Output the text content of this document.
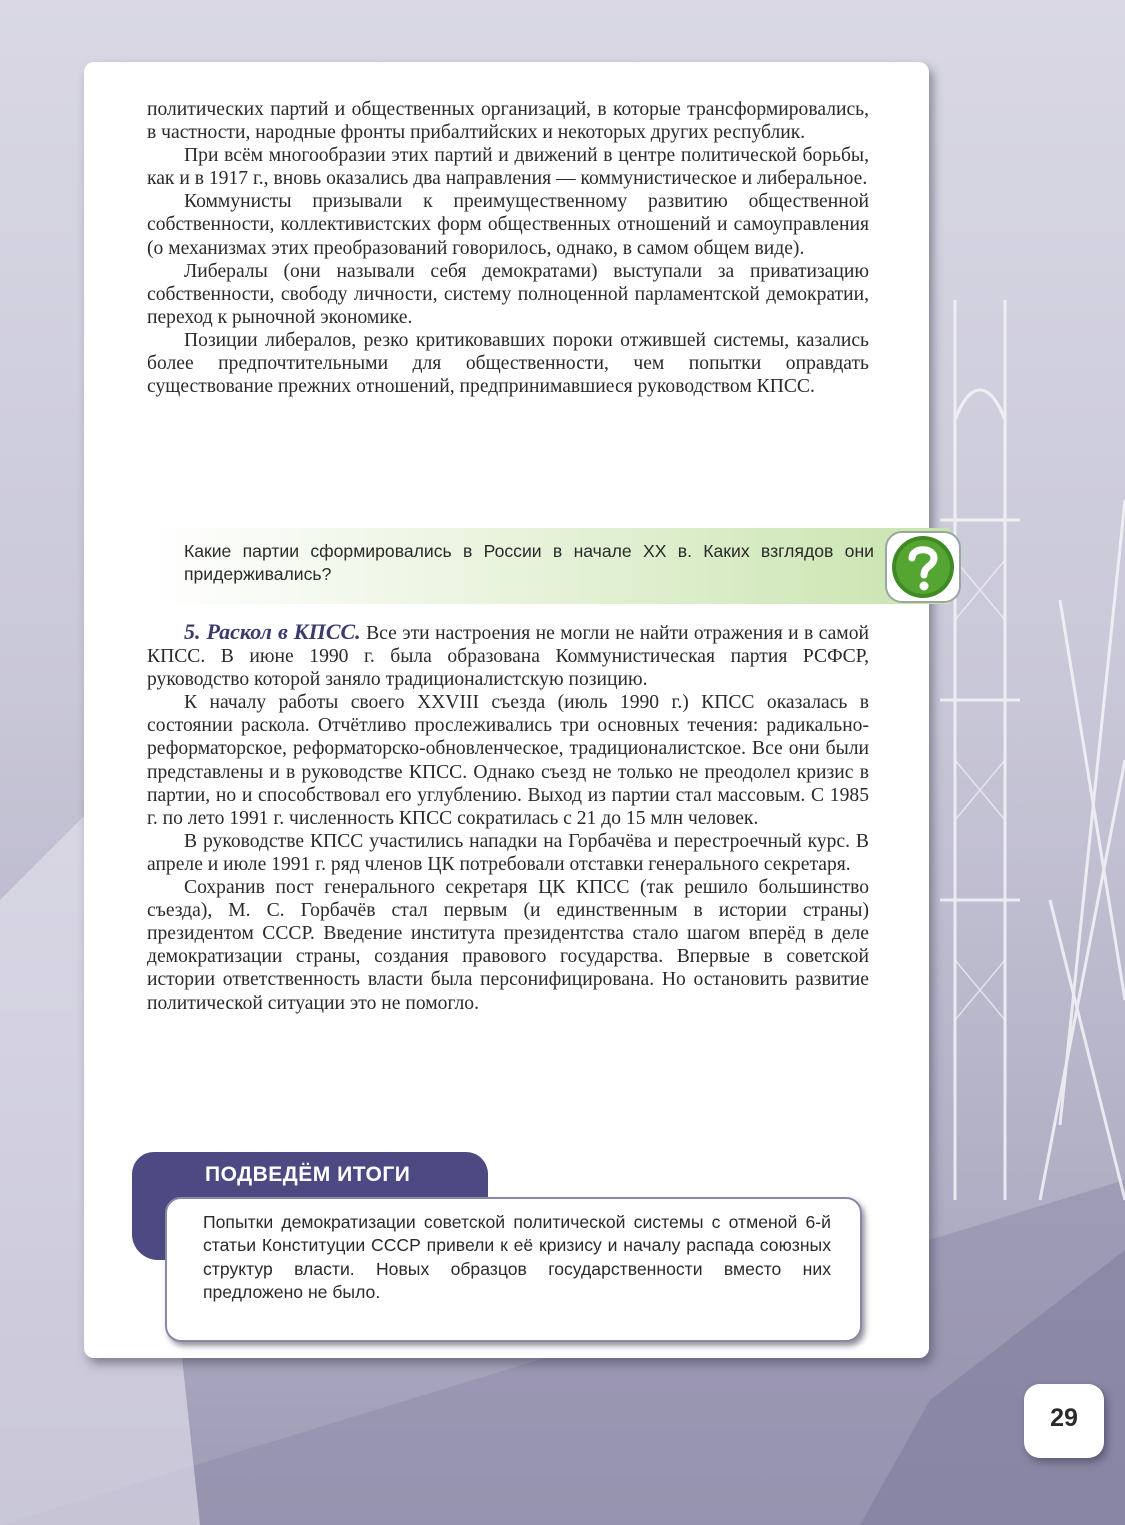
политических партий и общественных организаций, в которые трансформировались, в частности, народные фронты прибалтийских и некоторых других республик.

При всём многообразии этих партий и движений в центре политической борьбы, как и в 1917 г., вновь оказались два направления — коммунистическое и либеральное.

Коммунисты призывали к преимущественному развитию общественной собственности, коллективистских форм общественных отношений и самоуправления (о механизмах этих преобразований говорилось, однако, в самом общем виде).

Либералы (они называли себя демократами) выступали за приватизацию собственности, свободу личности, систему полноценной парламентской демократии, переход к рыночной экономике.

Позиции либералов, резко критиковавших пороки отжившей системы, казались более предпочтительными для общественности, чем попытки оправдать существование прежних отношений, предпринимавшиеся руководством КПСС.

Какие партии сформировались в России в начале XX в. Каких взглядов они придерживались?

5. Раскол в КПСС. Все эти настроения не могли не найти отражения и в самой КПСС. В июне 1990 г. была образована Коммунистическая партия РСФСР, руководство которой заняло традиционалистскую позицию.

К началу работы своего XXVIII съезда (июль 1990 г.) КПСС оказалась в состоянии раскола. Отчётливо прослеживались три основных течения: радикально-реформаторское, реформаторско-обновленческое, традиционалистское. Все они были представлены и в руководстве КПСС. Однако съезд не только не преодолел кризис в партии, но и способствовал его углублению. Выход из партии стал массовым. С 1985 г. по лето 1991 г. численность КПСС сократилась с 21 до 15 млн человек.

В руководстве КПСС участились нападки на Горбачёва и перестроечный курс. В апреле и июле 1991 г. ряд членов ЦК потребовали отставки генерального секретаря.

Сохранив пост генерального секретаря ЦК КПСС (так решило большинство съезда), М. С. Горбачёв стал первым (и единственным в истории страны) президентом СССР. Введение института президентства стало шагом вперёд в деле демократизации страны, создания правового государства. Впервые в советской истории ответственность власти была персонифицирована. Но остановить развитие политической ситуации это не помогло.

ПОДВЕДЁМ ИТОГИ
Попытки демократизации советской политической системы с отменой 6-й статьи Конституции СССР привели к её кризису и началу распада союзных структур власти. Новых образцов государственности вместо них предложено не было.
29
